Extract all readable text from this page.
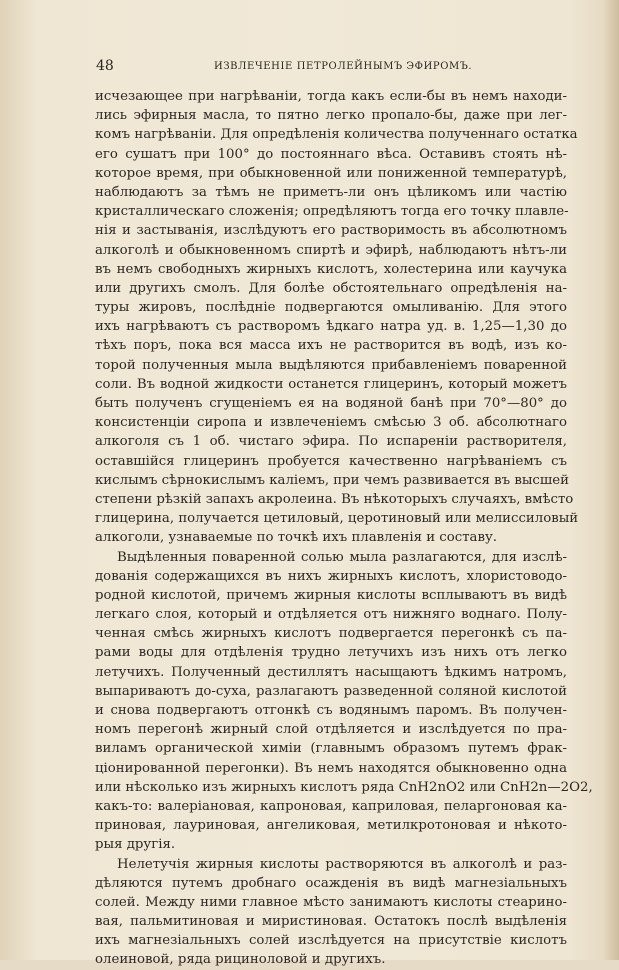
48	ИЗВЛЕЧЕНІЕ ПЕТРОЛЕЙНЫМЪ ЭФИРОМЪ.
исчезающее при нагрѣваніи, тогда какъ если-бы въ немъ находи-
лись эфирныя масла, то пятно легко пропало-бы, даже при лег-
комъ нагрѣваніи. Для опредѣленія количества полученнаго остатка
его сушатъ при 100° до постояннаго вѣса. Оставивъ стоять нѣ-
которое время, при обыкновенной или пониженной температурѣ,
наблюдаютъ за тѣмъ не приметъ-ли онъ цѣликомъ или частію
кристаллическаго сложенія; опредѣляютъ тогда его точку плавле-
нія и застыванія, изслѣдуютъ его растворимость въ абсолютномъ
алкоголѣ и обыкновенномъ спиртѣ и эфирѣ, наблюдаютъ нѣтъ-ли
въ немъ свободныхъ жирныхъ кислотъ, холестерина или каучука
или другихъ смолъ. Для болѣе обстоятельнаго опредѣленія на-
туры жировъ, послѣдніе подвергаются омыливанію. Для этого
ихъ нагрѣваютъ съ растворомъ ѣдкаго натра уд. в. 1,25—1,30 до
тѣхъ поръ, пока вся масса ихъ не растворится въ водѣ, изъ ко-
торой полученныя мыла выдѣляются прибавленіемъ поваренной
соли. Въ водной жидкости останется глицеринъ, который можетъ
быть полученъ сгущеніемъ ея на водяной банѣ при 70°—80° до
консистенціи сиропа и извлеченіемъ смѣсью 3 об. абсолютнаго
алкоголя съ 1 об. чистаго эфира. По испареніи растворителя,
оставшійся глицеринъ пробуется качественно нагрѣваніемъ съ
кислымъ сѣрнокислымъ каліемъ, при чемъ развивается въ высшей
степени рѣзкій запахъ акролеина. Въ нѣкоторыхъ случаяхъ, вмѣсто
глицерина, получается цетиловый, церотиновый или мелиссиловый
алкоголи, узнаваемые по точкѣ ихъ плавленія и составу.
Выдѣленныя поваренной солью мыла разлагаются, для изслѣ-
дованія содержащихся въ нихъ жирныхъ кислотъ, хлористоводо-
родной кислотой, причемъ жирныя кислоты всплываютъ въ видѣ
легкаго слоя, который и отдѣляется отъ нижняго воднаго. Полу-
ченная смѣсь жирныхъ кислотъ подвергается перегонкѣ съ па-
рами воды для отдѣленія трудно летучихъ изъ нихъ отъ легко
летучихъ. Полученный дестиллятъ насыщаютъ ѣдкимъ натромъ,
выпариваютъ до-суха, разлагаютъ разведенной соляной кислотой
и снова подвергаютъ отгонкѣ съ водянымъ паромъ. Въ получен-
номъ перегонѣ жирный слой отдѣляется и изслѣдуется по пра-
виламъ органической химіи (главнымъ образомъ путемъ фрак-
ціонированной перегонки). Въ немъ находятся обыкновенно одна
или нѣсколько изъ жирныхъ кислотъ ряда CnH2nO2 или CnH2n—2O2,
какъ-то: валеріановая, капроновая, каприловая, пеларгоновая ка-
приновая, лауриновая, ангеликовая, метилкротоновая и нѣкото-
рыя другія.
Нелетучія жирныя кислоты растворяются въ алкоголѣ и раз-
дѣляются путемъ дробнаго осажденія въ видѣ магнезіальныхъ
солей. Между ними главное мѣсто занимаютъ кислоты стеарино-
вая, пальмитиновая и миристиновая. Остатокъ послѣ выдѣленія
ихъ магнезіальныхъ солей изслѣдуется на присутствіе кислотъ
олеиновой, ряда рициноловой и другихъ.
